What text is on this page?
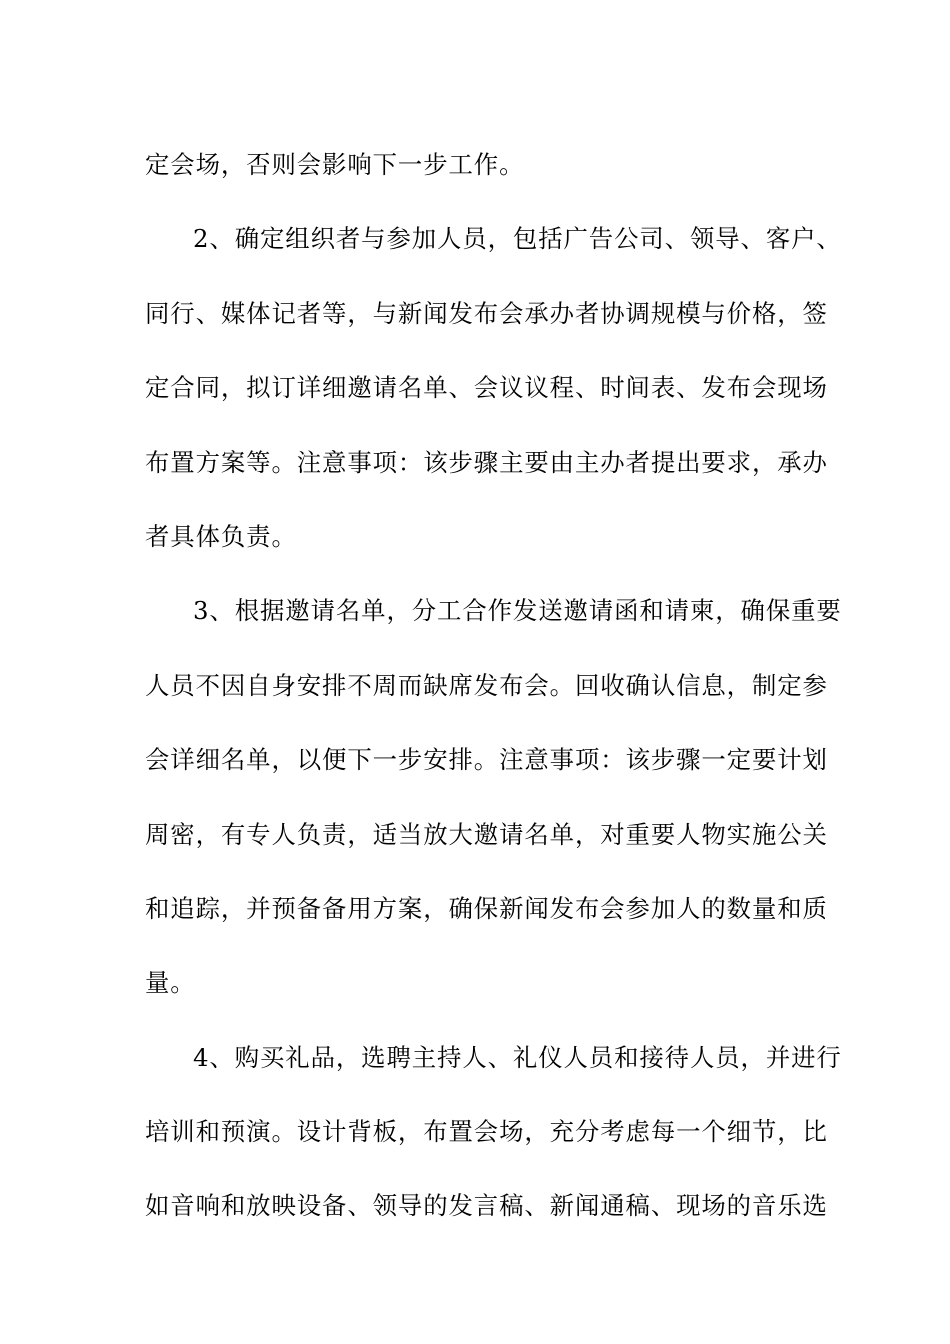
定会场，否则会影响下一步工作。
2、确定组织者与参加人员，包括广告公司、领导、客户、
同行、媒体记者等，与新闻发布会承办者协调规模与价格，签
定合同，拟订详细邀请名单、会议议程、时间表、发布会现场
布置方案等。注意事项：该步骤主要由主办者提出要求，承办
者具体负责。
3、根据邀请名单，分工合作发送邀请函和请柬，确保重要
人员不因自身安排不周而缺席发布会。回收确认信息，制定参
会详细名单，以便下一步安排。注意事项：该步骤一定要计划
周密，有专人负责，适当放大邀请名单，对重要人物实施公关
和追踪，并预备备用方案，确保新闻发布会参加人的数量和质
量。
4、购买礼品，选聘主持人、礼仪人员和接待人员，并进行
培训和预演。设计背板，布置会场，充分考虑每一个细节，比
如音响和放映设备、领导的发言稿、新闻通稿、现场的音乐选
